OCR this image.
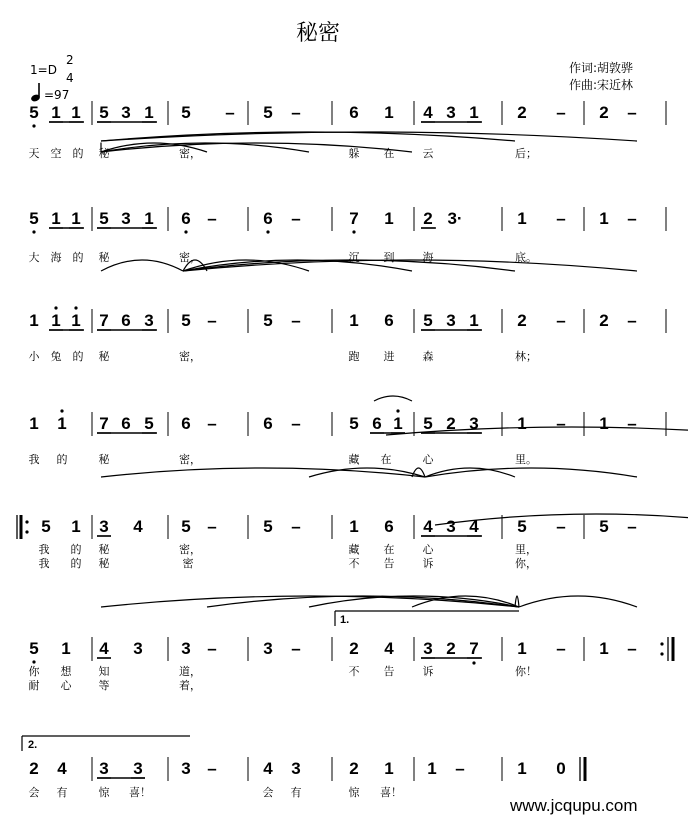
秘密
1=D
2
4
=97
作词:胡敦骅
作曲:宋近林
5 1 1 5 3 1 5 – 5 –	6 1 4 3 1 2 – 2 –
天	空	的	秘	密，	躲	在	云	后；
5 1 1 5 3 1 6 –	6 –	7 1 2 3·	1 – 1 –
大	海	的	秘	密，	沉	到	海	底。
1 1 1 7 6 3 5 –	5 –	1 6 5 3 1 2 – 2 –
小	兔	的	秘	密，	跑	进	森	林；
1 1 7 6 5 6 –	6 –	5 6 1 5 2 3 1 – 1 –
我	的	秘	密，	藏	在	心	里。
5 1 3 4 5 –	5 –	1 6 4 3 4 5 – 5 –
我	的	秘	密，	藏	在	心	里，
我	的	秘	密	不	告	诉	你，
5 1 4 3 3 –	3 –	2 4 3 2 7 1 – 1 –
你	想	知	道，	不	告	诉	你！
耐	心	等	着，
2 4 3 3 3 –	4 3	2 1 1 –	1 0
会	有	惊	喜！	会	有	惊	喜！
1.
2.
www.jcqupu.com
